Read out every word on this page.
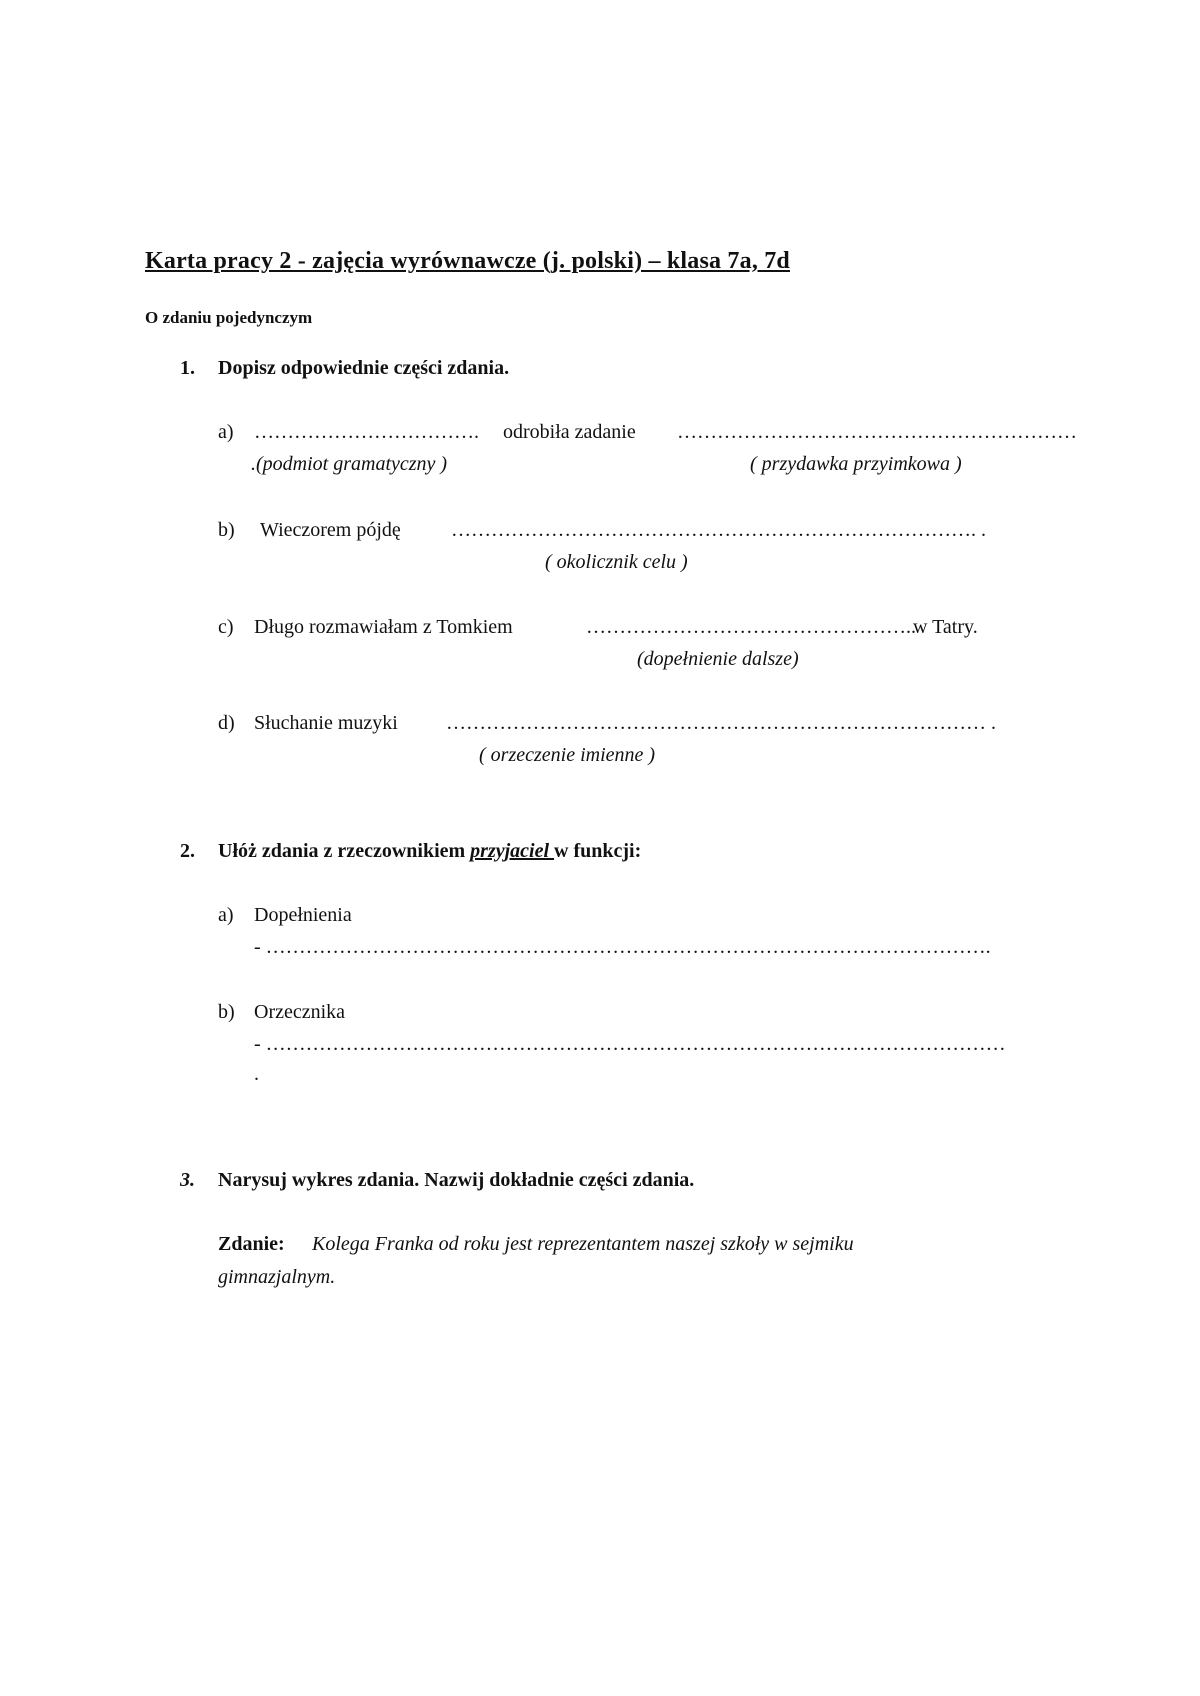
Karta pracy 2 - zajęcia wyrównawcze (j. polski) – klasa 7a, 7d
O zdaniu pojedynczym
1. Dopisz odpowiednie części zdania.
a) ……………………………. odrobiła zadanie ……………………………………………………
.(podmiot gramatyczny )	( przydawka przyimkowa )
b) Wieczorem pójdę	……………………………………………………………………. .
( okolicznik celu )
c) Długo rozmawiałam z Tomkiem	…………………………………………..
w Tatry.
(dopełnienie dalsze)
d) Słuchanie muzyki ……………………………………………………………………… .
( orzeczenie imienne )
2. Ułóż zdania z rzeczownikiem przyjaciel w funkcji:
a) Dopełnienia
- ……………………………………………………………………………………………….
b) Orzecznika
- …………………………………………………………………………………………………
.
3. Narysuj wykres zdania. Nazwij dokładnie części zdania.
Zdanie: Kolega Franka od roku jest reprezentantem naszej szkoły w sejmiku
gimnazjalnym.
